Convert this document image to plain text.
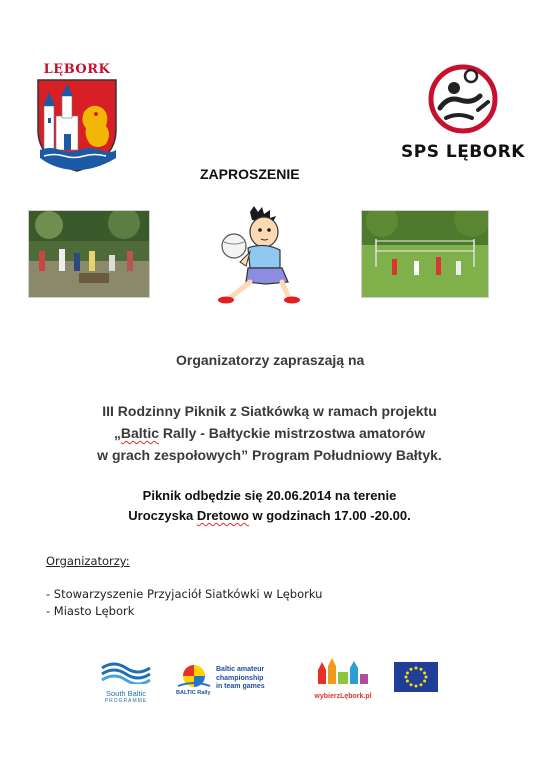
LĘBORK
SPS LĘBORK
ZAPROSZENIE
Organizatorzy zapraszają na
III Rodzinny Piknik z Siatkówką w ramach projektu
„Baltic Rally - Bałtyckie mistrzostwa amatorów
w grach zespołowych” Program Południowy Bałtyk.
Piknik odbędzie się 20.06.2014 na terenie
Uroczyska Dretowo w godzinach 17.00 -20.00.
Organizatorzy:
- Stowarzyszenie Przyjaciół Siatkówki w Lęborku
- Miasto Lębork
South Baltic
PROGRAMME
BALTIC Rally
Baltic amateur
championship
in team games
wybierzLębork.pl
